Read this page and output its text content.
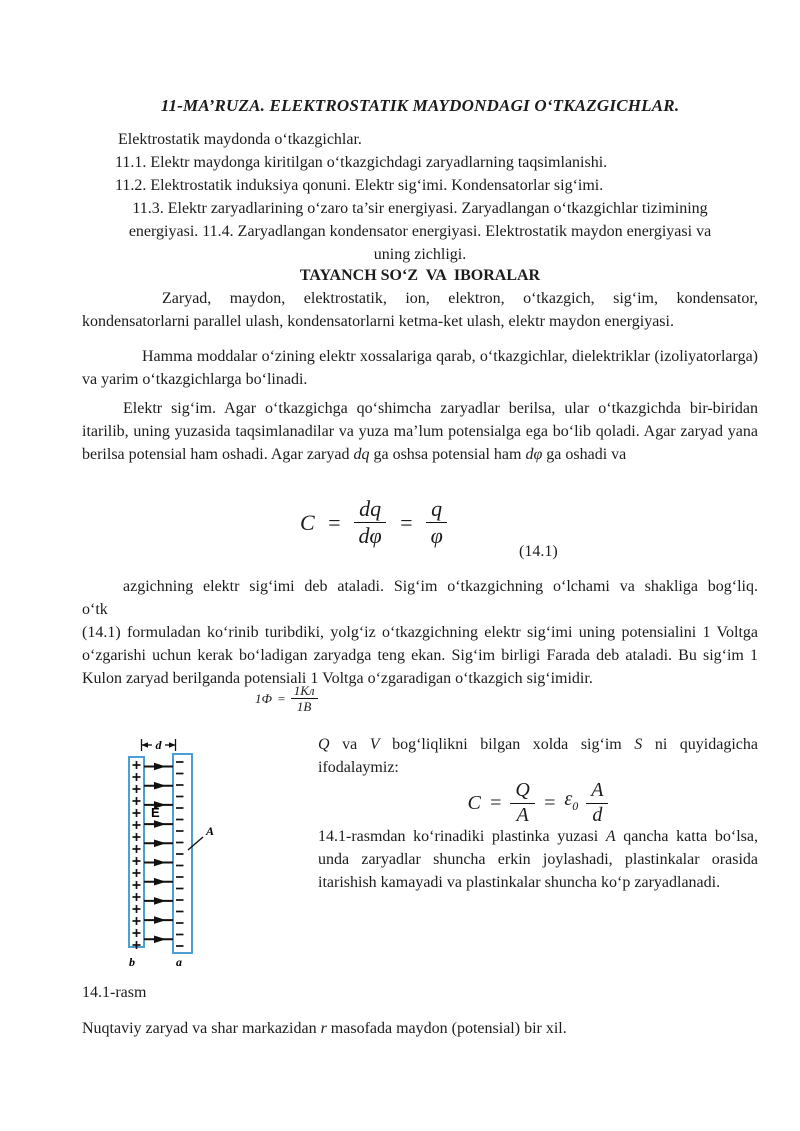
11-MA’RUZA. ELEKTROSTATIK MAYDONDAGI O‘TKAZGICHLAR.
Elektrostatik maydonda o‘tkazgichlar.
11.1. Elektr maydonga kiritilgan o‘tkazgichdagi zaryadlarning taqsimlanishi.
11.2. Elektrostatik induksiya qonuni. Elektr sig‘imi. Kondensatorlar sig‘imi.
11.3. Elektr zaryadlarining o‘zaro ta’sir energiyasi. Zaryadlangan o‘tkazgichlar tizimining
energiyasi. 11.4. Zaryadlangan kondensator energiyasi. Elektrostatik maydon energiyasi va
uning zichligi.
TAYANCH SO‘Z  VA  IBORALAR
Zaryad, maydon, elektrostatik, ion, elektron, o‘tkazgich, sig‘im, kondensator, kondensatorlarni parallel ulash, kondensatorlarni ketma-ket ulash, elektr maydon energiyasi.
Hamma moddalar o‘zining elektr xossalariga qarab, o‘tkazgichlar, dielektriklar (izoliyatorlarga) va yarim o‘tkazgichlarga bo‘linadi.
Elektr sig‘im. Agar o‘tkazgichga qo‘shimcha zaryadlar berilsa, ular o‘tkazgichda bir-biridan itarilib, uning yuzasida taqsimlanadilar va yuza ma’lum potensialga ega bo‘lib qoladi. Agar zaryad yana berilsa potensial ham oshadi. Agar zaryad dq ga oshsa potensial ham dφ ga oshadi va
$C = \frac{dq}{d\varphi} = \frac{q}{\varphi}$
(14.1)
azgichning elektr sig‘imi deb ataladi. Sig‘im o‘tkazgichning o‘lchami va shakliga bog‘liq.
o‘tk
(14.1) formuladan ko‘rinib turibdiki, yolg‘iz o‘tkazgichning elektr sig‘imi uning potensialini 1 Voltga o‘zgarishi uchun kerak bo‘ladigan zaryadga teng ekan. Sig‘im birligi Farada deb ataladi. Bu sig‘im 1 Kulon zaryad berilganda potensiali 1 Voltga o‘zgaradigan o‘tkazgich sig‘imidir.
$1Ф = \frac{1Кл}{1В}$
d
E
A
b	a
Q va V bog‘liqlikni bilgan xolda sig‘im S ni quyidagicha ifodalaymiz:
$C = \frac{Q}{A} = \varepsilon_0 \frac{A}{d}$
14.1-rasmdan ko‘rinadiki plastinka yuzasi A qancha katta bo‘lsa, unda zaryadlar shuncha erkin joylashadi, plastinkalar orasida itarishish kamayadi va plastinkalar shuncha ko‘p zaryadlanadi.
14.1-rasm
Nuqtaviy zaryad va shar markazidan r masofada maydon (potensial) bir xil.
